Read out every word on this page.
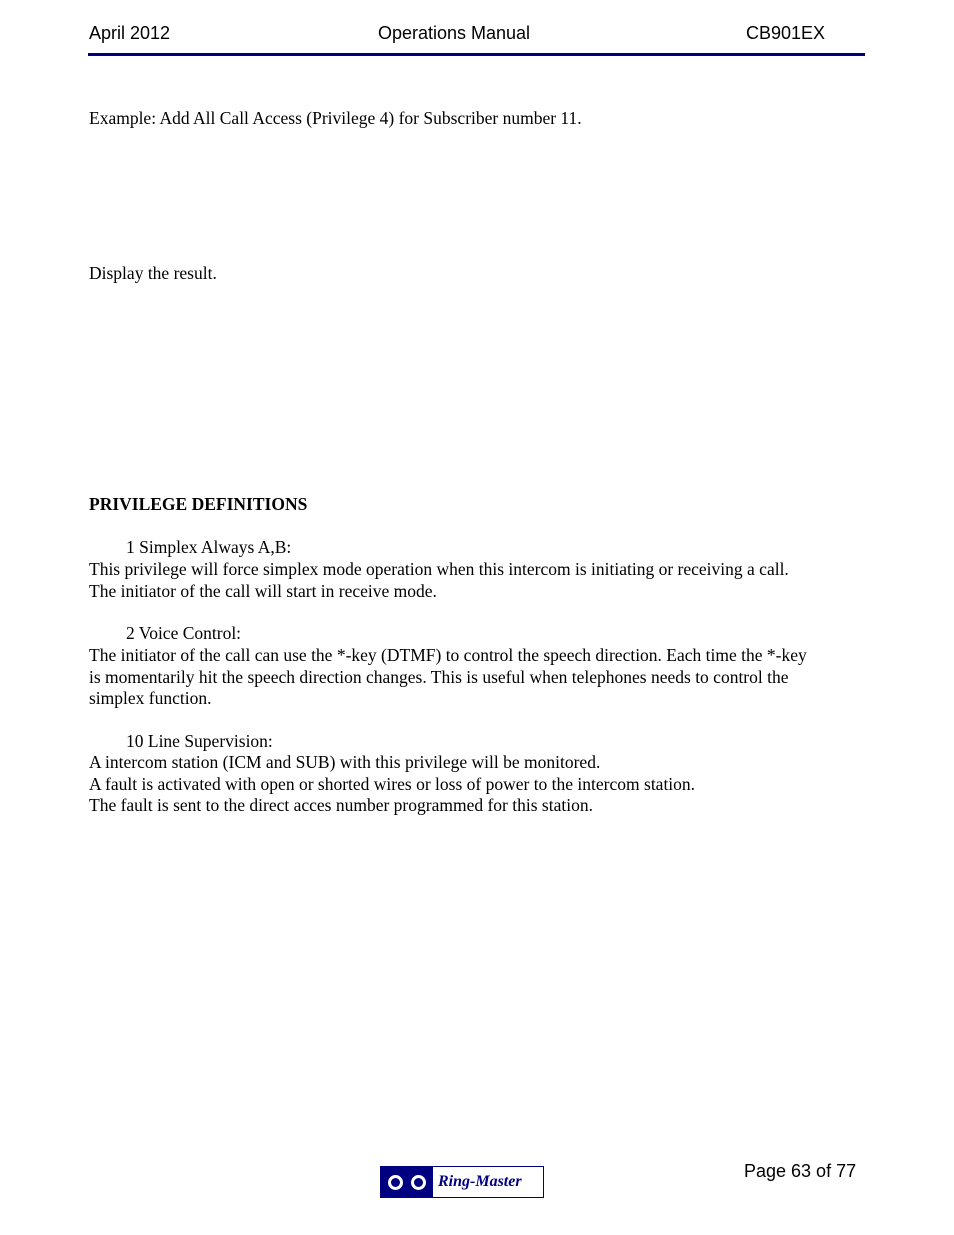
April 2012	Operations Manual	CB901EX
Example: Add All Call Access (Privilege 4) for Subscriber number 11.
Display the result.
PRIVILEGE DEFINITIONS
1 Simplex Always A,B:
This privilege will force simplex mode operation when this intercom is initiating or receiving a call.
The initiator of the call will start in receive mode.
2 Voice Control:
The initiator of the call can use the *-key (DTMF) to control the speech direction. Each time the *-key
is momentarily hit the speech direction changes. This is useful when telephones needs to control the
simplex function.
10 Line Supervision:
A intercom station (ICM and SUB) with this privilege will be monitored.
A fault is activated with open or shorted wires or loss of power to the intercom station.
The fault is sent to the direct acces number programmed for this station.
Page 63 of 77
Ring-Master
